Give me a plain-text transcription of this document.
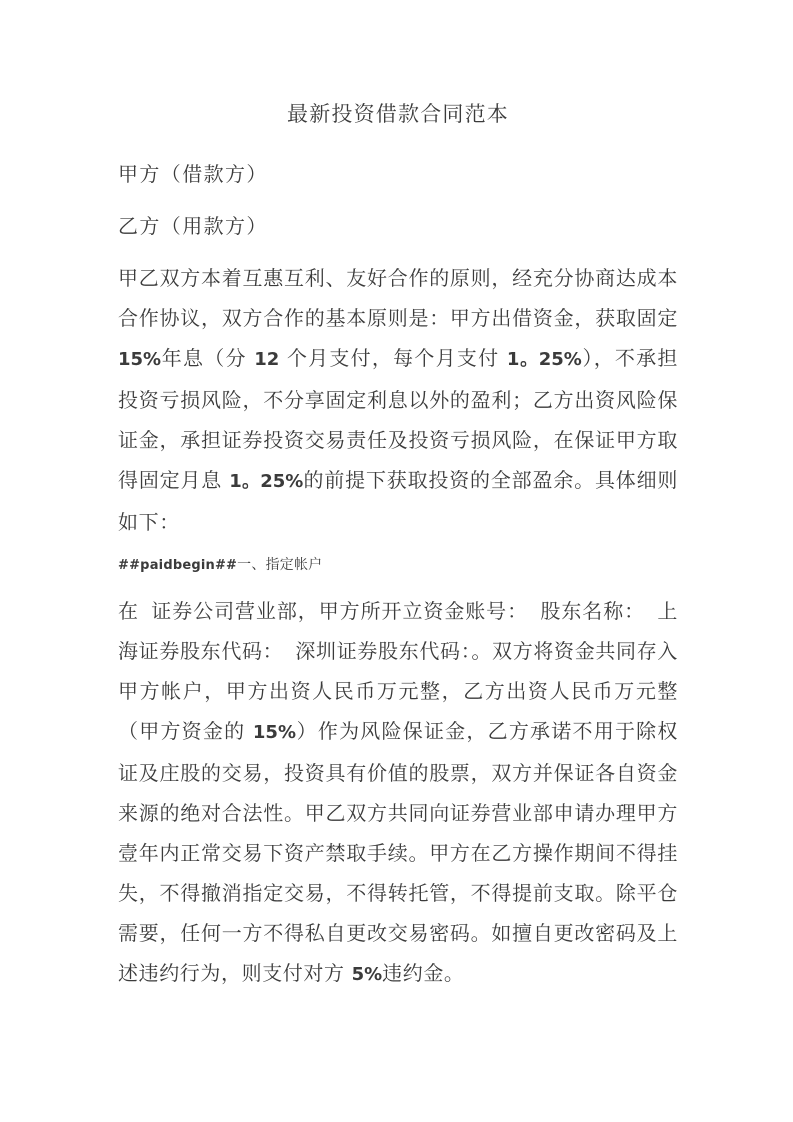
最新投资借款合同范本

甲方（借款方）

乙方（用款方）

甲乙双方本着互惠互利、友好合作的原则，经充分协商达成本合作协议，双方合作的基本原则是：甲方出借资金，获取固定 15%年息（分 12 个月支付，每个月支付 1。25%），不承担投资亏损风险，不分享固定利息以外的盈利；乙方出资风险保证金，承担证券投资交易责任及投资亏损风险，在保证甲方取得固定月息 1。25%的前提下获取投资的全部盈余。具体细则如下：

##paidbegin##一、指定帐户

在 证券公司营业部，甲方所开立资金账号： 股东名称： 上海证券股东代码： 深圳证券股东代码：。双方将资金共同存入甲方帐户，甲方出资人民币万元整，乙方出资人民币万元整（甲方资金的 15%）作为风险保证金，乙方承诺不用于除权证及庄股的交易，投资具有价值的股票，双方并保证各自资金来源的绝对合法性。甲乙双方共同向证券营业部申请办理甲方壹年内正常交易下资产禁取手续。甲方在乙方操作期间不得挂失，不得撤消指定交易，不得转托管，不得提前支取。除平仓需要，任何一方不得私自更改交易密码。如擅自更改密码及上述违约行为，则支付对方 5%违约金。
